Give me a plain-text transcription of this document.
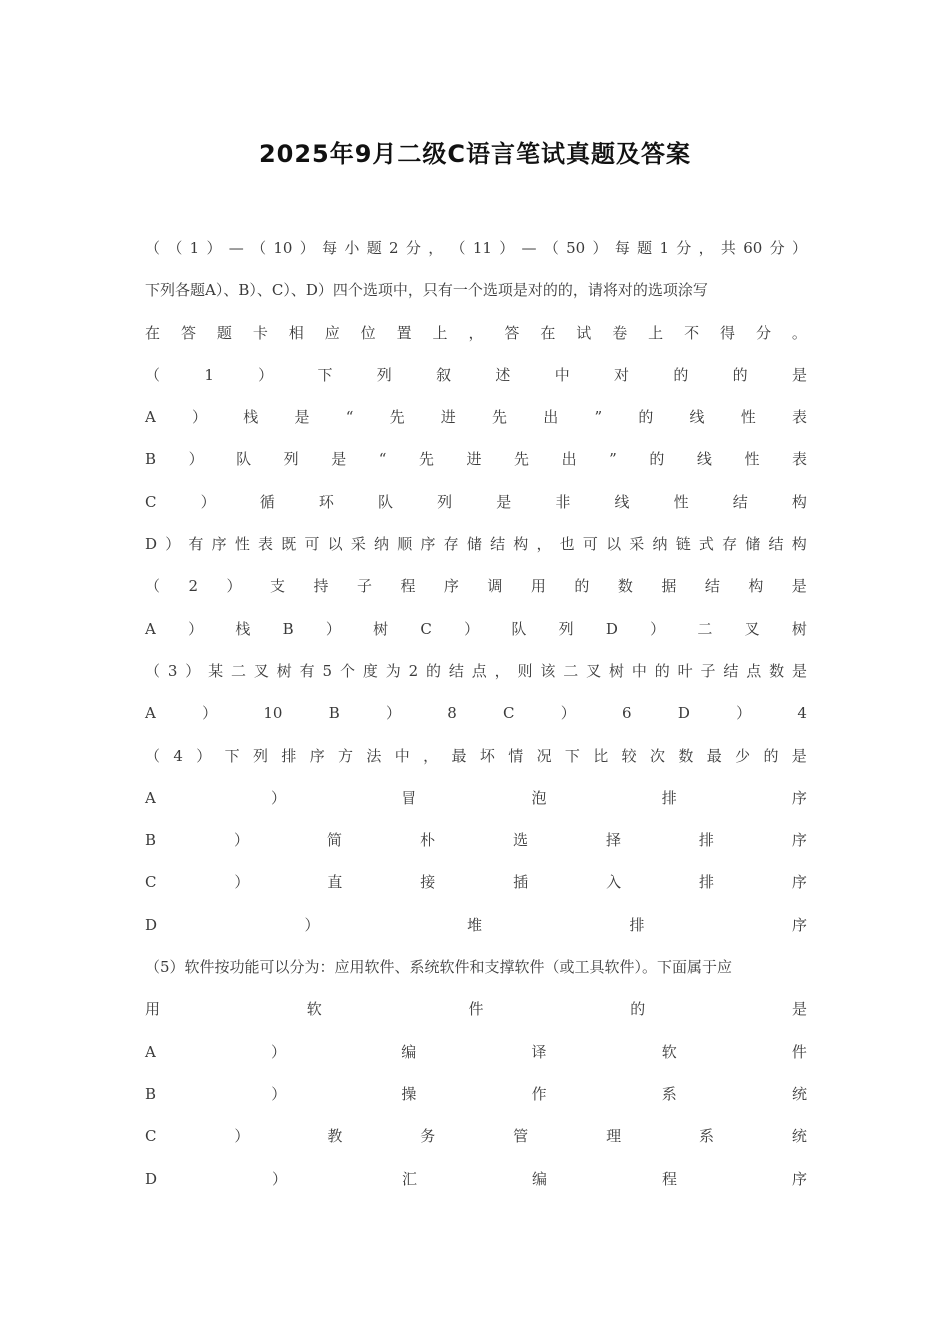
2025年9月二级C语言笔试真题及答案
（ （ 1 ） — （ 10 ） 每 小 题 2 分 ， （ 11 ） — （ 50 ） 每 题 1 分 ， 共 60 分 ）
下列各题A）、B）、C）、D）四个选项中，只有一个选项是对的的，请将对的选项涂写
在 答 题 卡 相 应 位 置 上 ， 答 在 试 卷 上 不 得 分 。
（	1	）	下	列	叙	述	中	对	的	的	是
A ） 栈 是 “ 先 进 先 出 ” 的 线 性 表
B ） 队 列 是 “ 先 进 先 出 ” 的 线 性 表
C	）	循	环	队	列	是	非	线	性	结	构
D ） 有 序 性 表 既 可 以 采 纳 顺 序 存 储 结 构 ， 也 可 以 采 纳 链 式 存 储 结 构
（ 2 ） 支 持 子 程 序 调 用 的 数 据 结 构 是
A ） 栈 B ） 树 C ） 队 列 D ） 二 叉 树
（ 3 ） 某 二 叉 树 有 5 个 度 为 2 的 结 点 ， 则 该 二 叉 树 中 的 叶 子 结 点 数 是
A	）	10	B	）	8	C	）	6	D	）	4
（ 4 ） 下 列 排 序 方 法 中 ， 最 坏 情 况 下 比 较 次 数 最 少 的 是
A	）	冒	泡	排	序
B	）	简	朴	选	择	排	序
C	）	直	接	插	入	排	序
D	）	堆	排	序
（5）软件按功能可以分为：应用软件、系统软件和支撑软件（或工具软件）。下面属于应
用	软	件	的	是
A	）	编	译	软	件
B	）	操	作	系	统
C	）	教	务	管	理	系	统
D	）	汇	编	程	序
